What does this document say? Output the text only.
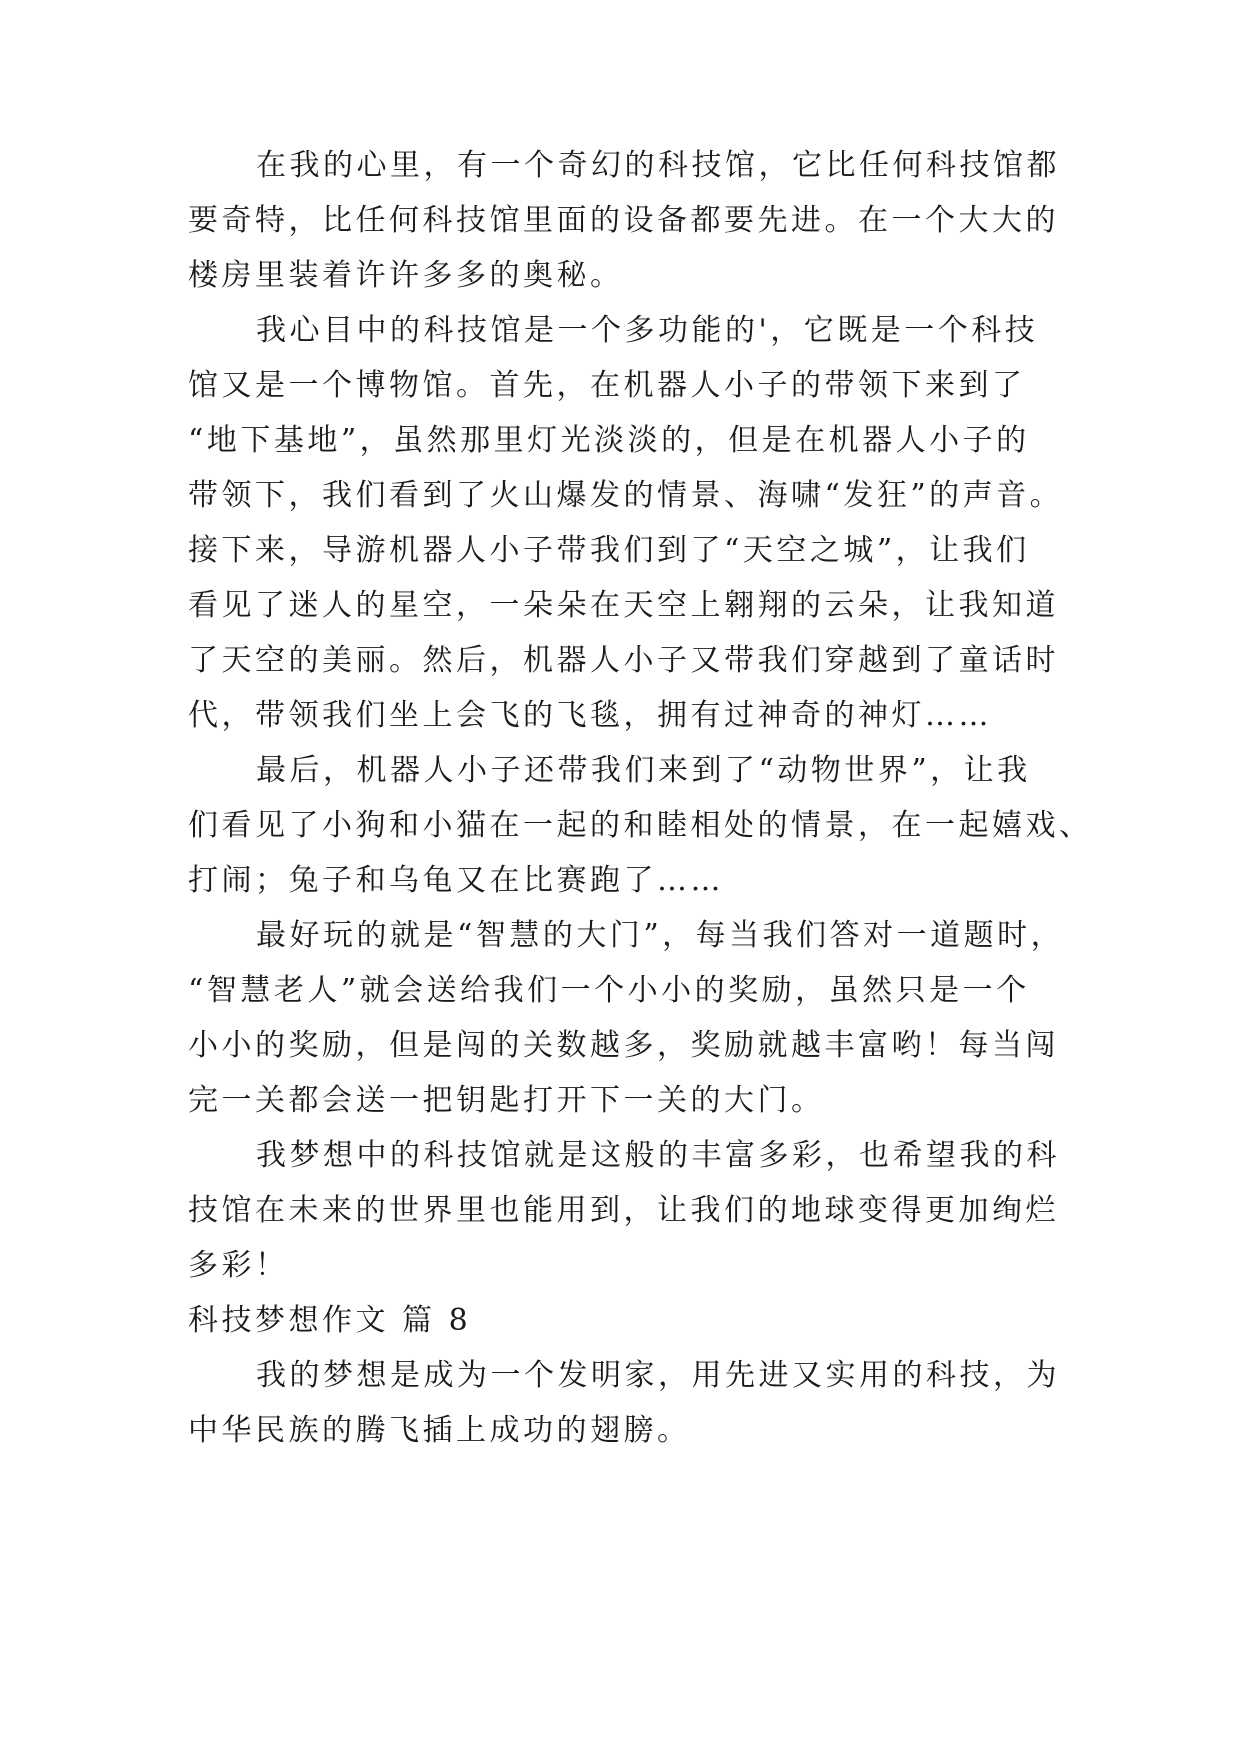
在我的心里，有一个奇幻的科技馆，它比任何科技馆都
要奇特，比任何科技馆里面的设备都要先进。在一个大大的
楼房里装着许许多多的奥秘。
我心目中的科技馆是一个多功能的'，它既是一个科技
馆又是一个博物馆。首先，在机器人小子的带领下来到了
“地下基地”，虽然那里灯光淡淡的，但是在机器人小子的
带领下，我们看到了火山爆发的情景、海啸“发狂”的声音。
接下来，导游机器人小子带我们到了“天空之城”，让我们
看见了迷人的星空，一朵朵在天空上翱翔的云朵，让我知道
了天空的美丽。然后，机器人小子又带我们穿越到了童话时
代，带领我们坐上会飞的飞毯，拥有过神奇的神灯……
最后，机器人小子还带我们来到了“动物世界”，让我
们看见了小狗和小猫在一起的和睦相处的情景，在一起嬉戏、
打闹；兔子和乌龟又在比赛跑了……
最好玩的就是“智慧的大门”，每当我们答对一道题时，
“智慧老人”就会送给我们一个小小的奖励，虽然只是一个
小小的奖励，但是闯的关数越多，奖励就越丰富哟！每当闯
完一关都会送一把钥匙打开下一关的大门。
我梦想中的科技馆就是这般的丰富多彩，也希望我的科
技馆在未来的世界里也能用到，让我们的地球变得更加绚烂
多彩！
科技梦想作文 篇 8
我的梦想是成为一个发明家，用先进又实用的科技，为
中华民族的腾飞插上成功的翅膀。
